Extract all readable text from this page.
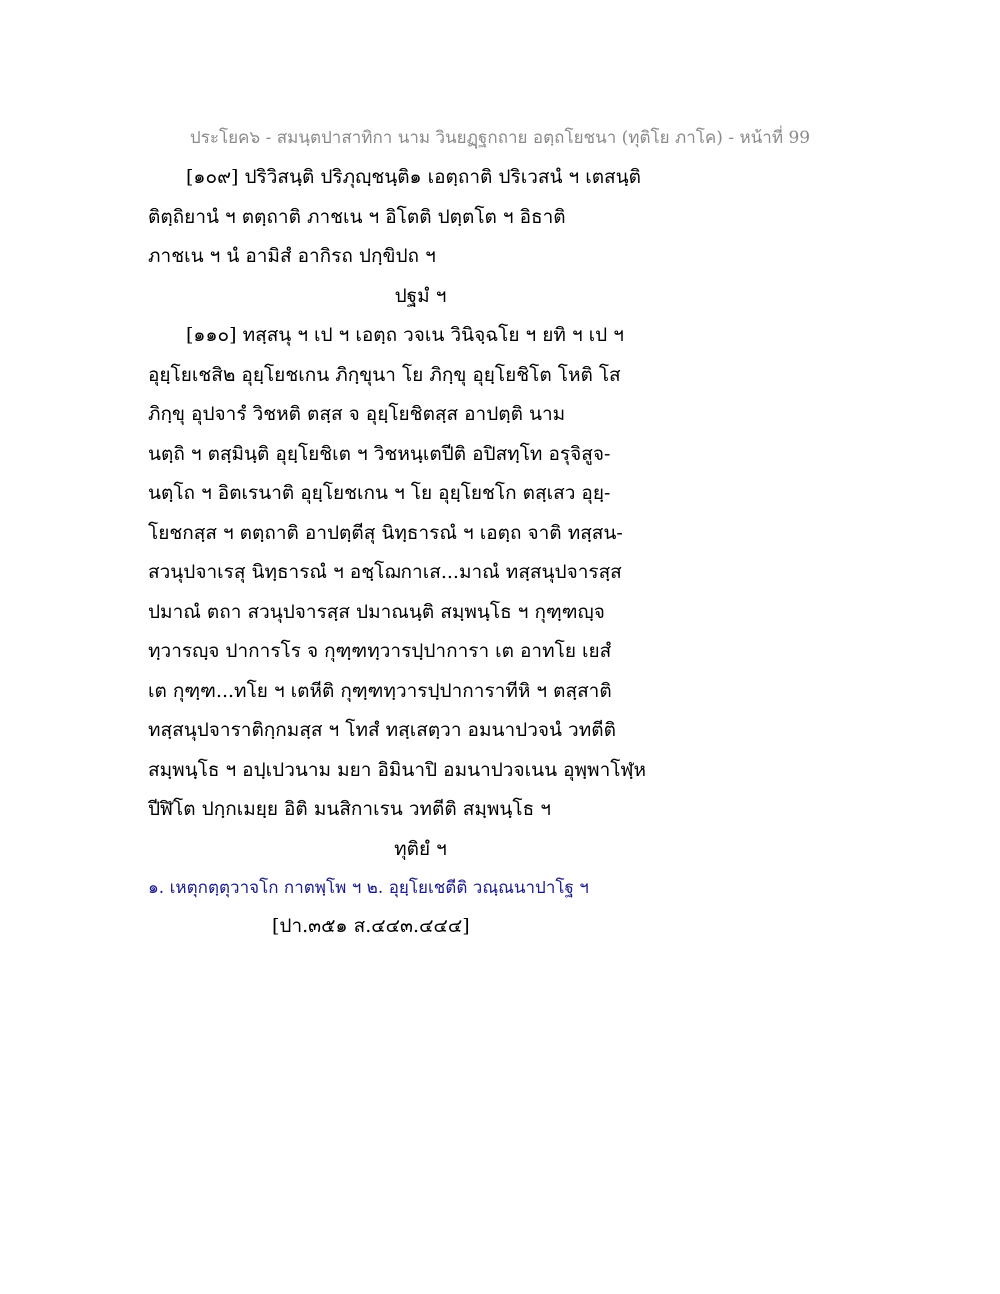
ประโยค๖ - สมนฺตปาสาทิกา นาม วินยฏฺฐกถาย อตฺถโยชนา (ทุติโย ภาโค) - หน้าที่ 99
[๑๐๙] ปริวิสนฺติ ปริภุญฺชนฺติ๑ เอตฺถาติ ปริเวสนํ ฯ เตสนฺติ
ติตฺถิยานํ ฯ ตตฺถาติ ภาชเน ฯ อิโตติ ปตฺตโต ฯ อิธาติ
ภาชเน ฯ นํ อามิสํ อากิรถ ปกฺขิปถ ฯ
ปฐมํ ฯ
[๑๑๐] ทสฺสนุ ฯ เป ฯ เอตฺถ วจเน วินิจฺฉโย ฯ ยทิ ฯ เป ฯ
อุยฺโยเชสิ๒ อุยฺโยชเกน ภิกฺขุนา โย ภิกฺขุ อุยฺโยชิโต โหติ โส
ภิกฺขุ อุปจารํ วิชหติ ตสฺส จ อุยฺโยชิตสฺส อาปตฺติ นาม
นตฺถิ ฯ ตสฺมินฺติ อุยฺโยชิเต ฯ วิชหนฺเตปีติ อปิสทฺโท อรุจิสูจ-
นตฺโถ ฯ อิตเรนาติ อุยฺโยชเกน ฯ โย อุยฺโยชโก ตสฺเสว อุยฺ-
โยชกสฺส ฯ ตตฺถาติ อาปตฺตีสุ นิทฺธารณํ ฯ เอตฺถ จาติ ทสฺสน-
สวนุปจาเรสุ นิทฺธารณํ ฯ อชฺโฌกาเส...มาณํ ทสฺสนุปจารสฺส
ปมาณํ ตถา สวนุปจารสฺส ปมาณนฺติ สมฺพนฺโธ ฯ กุฑฺฑญฺจ
ทฺวารญฺจ ปาการโร จ กุฑฺฑทฺวารปฺปาการา เต อาทโย เยสํ
เต กุฑฺฑ...ทโย ฯ เตหีติ กุฑฺฑทฺวารปฺปาการาทีหิ ฯ ตสฺสาติ
ทสฺสนุปจาราติกฺกมสฺส ฯ โทสํ ทสฺเสตฺวา อมนาปวจนํ วทตีติ
สมฺพนฺโธ ฯ อปฺเปวนาม มยา อิมินาปิ อมนาปวจเนน อุพฺพาโฬฺห
ปีฬิโต ปกฺกเมยฺย อิติ มนสิกาเรน วทตีติ สมฺพนฺโธ ฯ
ทุติยํ ฯ
๑. เหตุกตฺตุวาจโก กาตพฺโพ ฯ ๒. อุยฺโยเชตีติ วณฺณนาปาโฐ ฯ
[ปา.๓๕๑ ส.๔๔๓.๔๔๔]
